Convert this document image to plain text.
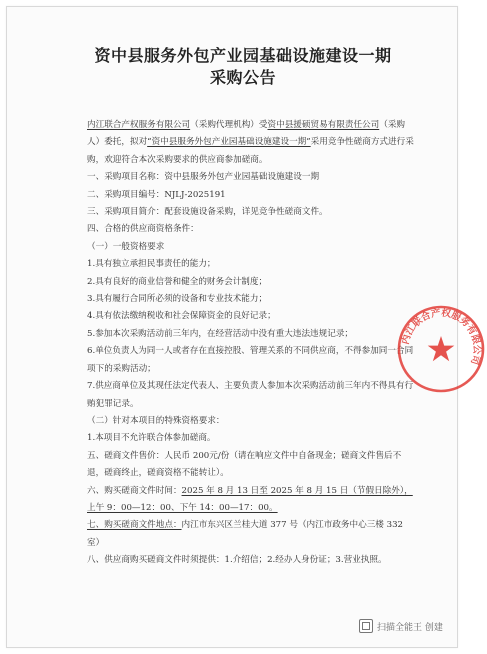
资中县服务外包产业园基础设施建设一期
采购公告

内江联合产权服务有限公司（采购代理机构）受资中县援硕贸易有限责任公司（采购人）委托，拟对“资中县服务外包产业园基础设施建设一期”采用竞争性磋商方式进行采购，欢迎符合本次采购要求的供应商参加磋商。

一、采购项目名称：资中县服务外包产业园基础设施建设一期

二、采购项目编号：NJLJ-2025191

三、采购项目简介：配套设施设备采购，详见竞争性磋商文件。

四、合格的供应商资格条件：

（一）一般资格要求

1.具有独立承担民事责任的能力；

2.具有良好的商业信誉和健全的财务会计制度；

3.具有履行合同所必须的设备和专业技术能力；

4.具有依法缴纳税收和社会保障资金的良好记录；

5.参加本次采购活动前三年内，在经营活动中没有重大违法违规记录；

6.单位负责人为同一人或者存在直接控股、管理关系的不同供应商，不得参加同一合同项下的采购活动；

7.供应商单位及其现任法定代表人、主要负责人参加本次采购活动前三年内不得具有行贿犯罪记录。

（二）针对本项目的特殊资格要求：

1.本项目不允许联合体参加磋商。

五、磋商文件售价：人民币 200元/份（请在响应文件中自备现金；磋商文件售后不退，磋商终止，磋商资格不能转让）。

六、购买磋商文件时间：2025 年 8 月 13 日至 2025 年 8 月 15 日（节假日除外），上午 9：00—12：00、下午 14：00—17：00。

七、购买磋商文件地点：内江市东兴区兰桂大道 377 号（内江市政务中心三楼 332 室）

八、供应商购买磋商文件时须提供：1.介绍信；2.经办人身份证；3.营业执照。

内江联合产权服务有限公司
扫描全能王 创建
